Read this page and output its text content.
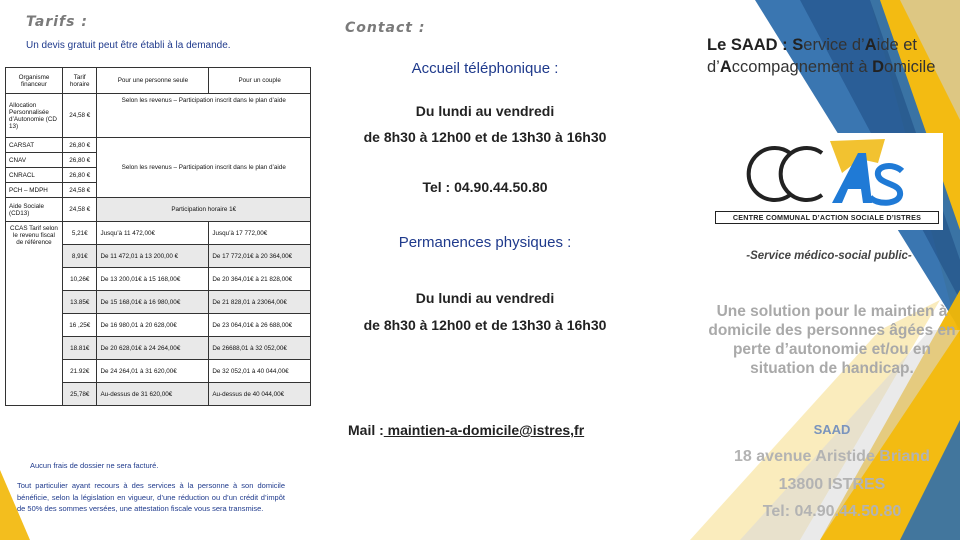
Tarifs :
Un devis gratuit peut être établi à la demande.
Organisme financeur	Tarif horaire	Pour une personne seule	Pour un couple
Allocation Personnalisée d’Autonomie (CD 13)	24,58 €	Selon les revenus – Participation inscrit dans le plan d’aide	
CARSAT	26,80 €	Selon les revenus – Participation inscrit dans le plan d’aide	
CNAV	26,80 €		
CNRACL	26,80 €		
PCH – MDPH	24,58 €		
Aide Sociale (CD13)	24,58 €	Participation horaire 1€	
CCAS Tarif selon le revenu fiscal de référence	5,21€	Jusqu’à 11 472,00€	Jusqu’à 17 772,00€
	8,91€	De 11 472,01 à 13 200,00 €	De 17 772,01€ à 20 364,00€
	10,26€	De 13 200,01€ à 15 168,00€	De 20 364,01€ à 21 828,00€
	13.85€	De 15 168,01€ à 16 980,00€	De 21 828,01 à 23064,00€
	16 ,25€	De 16 980,01 à 20 628,00€	De 23 064,01€ à 26 688,00€
	18.81€	De 20 628,01€ à 24 264,00€	De 26688,01 à 32 052,00€
	21.92€	De 24 264,01 à 31 620,00€	De 32 052,01 à 40 044,00€
	25,78€	Au-dessus de 31 620,00€	Au-dessus de 40 044,00€
Aucun frais de dossier ne sera facturé.
Tout particulier ayant recours à des services à la personne à son domicile bénéficie, selon la législation en vigueur, d’une réduction ou d’un crédit d’impôt de 50% des sommes versées, une attestation fiscale vous sera transmise.
Contact :
Accueil téléphonique :
Du lundi au vendredi
de 8h30 à 12h00 et de 13h30 à 16h30
Tel : 04.90.44.50.80
Permanences physiques :
Du lundi au vendredi
de 8h30 à 12h00 et de 13h30 à 16h30
Mail : maintien-a-domicile@istres,fr
Le SAAD : Service d’Aide et d’Accompagnement à Domicile
CENTRE COMMUNAL D’ACTION SOCIALE D’ISTRES
-Service médico-social public-
Une solution pour le maintien à domicile des personnes âgées en perte d’autonomie et/ou en situation de handicap.
SAAD
18 avenue Aristide Briand
13800 ISTRES
Tel: 04.90.44.50.80
